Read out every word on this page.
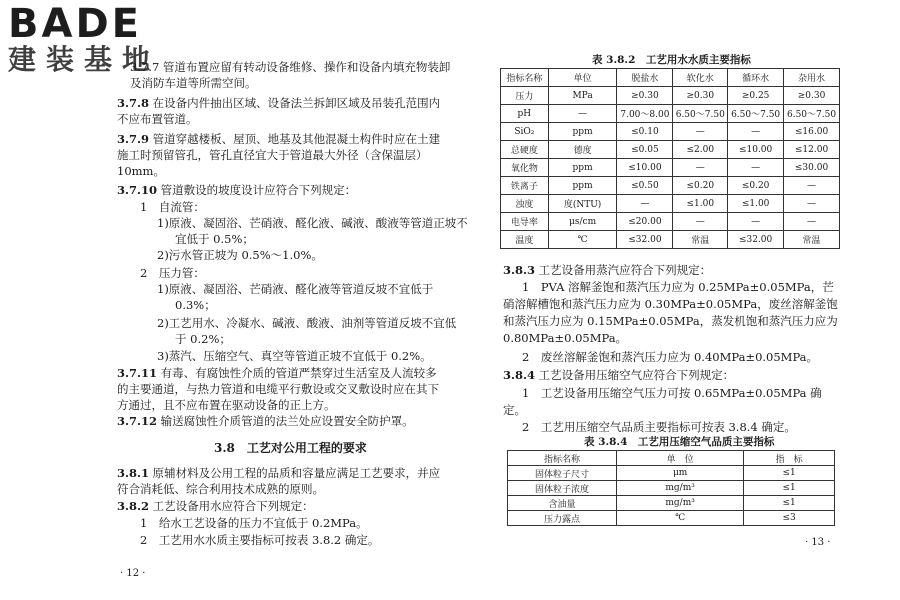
BADE
建装基地
3.7.7 管道布置应留有转动设备维修、操作和设备内填充物装卸
及消防车道等所需空间。
3.7.8 在设备内件抽出区域、设备法兰拆卸区域及吊装孔范围内
不应布置管道。
3.7.9 管道穿越楼板、屋顶、地基及其他混凝土构件时应在土建
施工时预留管孔，管孔直径宜大于管道最大外径（含保温层）
10mm。
3.7.10 管道敷设的坡度设计应符合下列规定：
1　自流管：
1)原液、凝固浴、芒硝液、醛化液、碱液、酸液等管道正坡不
宜低于 0.5%；
2)污水管正坡为 0.5%～1.0%。
2　压力管：
1)原液、凝固浴、芒硝液、醛化液等管道反坡不宜低于
0.3%；
2)工艺用水、冷凝水、碱液、酸液、油剂等管道反坡不宜低
于 0.2%；
3)蒸汽、压缩空气、真空等管道正坡不宜低于 0.2%。
3.7.11 有毒、有腐蚀性介质的管道严禁穿过生活室及人流较多
的主要通道，与热力管道和电缆平行敷设或交叉敷设时应在其下
方通过，且不应布置在驱动设备的正上方。
3.7.12 输送腐蚀性介质管道的法兰处应设置安全防护罩。
3.8　工艺对公用工程的要求
3.8.1 原辅材料及公用工程的品质和容量应满足工艺要求，并应
符合消耗低、综合利用技术成熟的原则。
3.8.2 工艺设备用水应符合下列规定：
1　给水工艺设备的压力不宜低于 0.2MPa。
2　工艺用水水质主要指标可按表 3.8.2 确定。
· 12 ·
表 3.8.2　工艺用水水质主要指标
指标名称	单位	脱盐水	软化水	循环水	杂用水
压力	MPa	≥0.30	≥0.30	≥0.25	≥0.30
pH	—	7.00～8.00	6.50～7.50	6.50～7.50	6.50～7.50
SiO₂	ppm	≤0.10	—	—	≤16.00
总硬度	德度	≤0.05	≤2.00	≤10.00	≤12.00
氧化物	ppm	≤10.00	—	—	≤30.00
铁离子	ppm	≤0.50	≤0.20	≤0.20	—
浊度	度(NTU)	—	≤1.00	≤1.00	—
电导率	μs/cm	≤20.00	—	—	—
温度	℃	≤32.00	常温	≤32.00	常温
3.8.3 工艺设备用蒸汽应符合下列规定：
1　PVA 溶解釜饱和蒸汽压力应为 0.25MPa±0.05MPa，芒
硝溶解槽饱和蒸汽压力应为 0.30MPa±0.05MPa，废丝溶解釜饱
和蒸汽压力应为 0.15MPa±0.05MPa，蒸发机饱和蒸汽压力应为
0.80MPa±0.05MPa。
2　废丝溶解釜饱和蒸汽压力应为 0.40MPa±0.05MPa。
3.8.4 工艺设备用压缩空气应符合下列规定：
1　工艺设备用压缩空气压力可按 0.65MPa±0.05MPa 确
定。
2　工艺用压缩空气品质主要指标可按表 3.8.4 确定。
表 3.8.4　工艺用压缩空气品质主要指标
指标名称	单　位	指　标
固体粒子尺寸	μm	≤1
固体粒子浓度	mg/m³	≤1
含油量	mg/m³	≤1
压力露点	℃	≤3
· 13 ·
